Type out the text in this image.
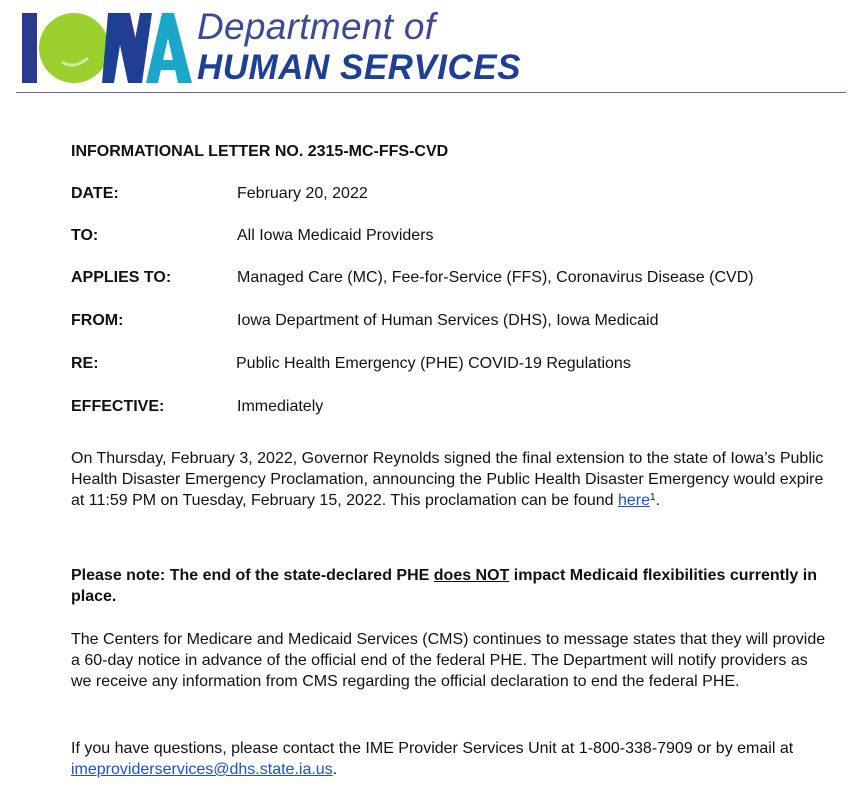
Department of
HUMAN SERVICES
INFORMATIONAL LETTER NO. 2315-MC-FFS-CVD
DATE:	February 20, 2022
TO:	All Iowa Medicaid Providers
APPLIES TO:	Managed Care (MC), Fee-for-Service (FFS), Coronavirus Disease (CVD)
FROM:	Iowa Department of Human Services (DHS), Iowa Medicaid
RE:	Public Health Emergency (PHE) COVID-19 Regulations
EFFECTIVE:	Immediately

On Thursday, February 3, 2022, Governor Reynolds signed the final extension to the state of Iowa’s Public Health Disaster Emergency Proclamation, announcing the Public Health Disaster Emergency would expire at 11:59 PM on Tuesday, February 15, 2022. This proclamation can be found here$^1$.

Please note: The end of the state-declared PHE does NOT impact Medicaid flexibilities currently in place.

The Centers for Medicare and Medicaid Services (CMS) continues to message states that they will provide a 60-day notice in advance of the official end of the federal PHE. The Department will notify providers as we receive any information from CMS regarding the official declaration to end the federal PHE.

If you have questions, please contact the IME Provider Services Unit at 1-800-338-7909 or by email at imeproviderservices@dhs.state.ia.us.
